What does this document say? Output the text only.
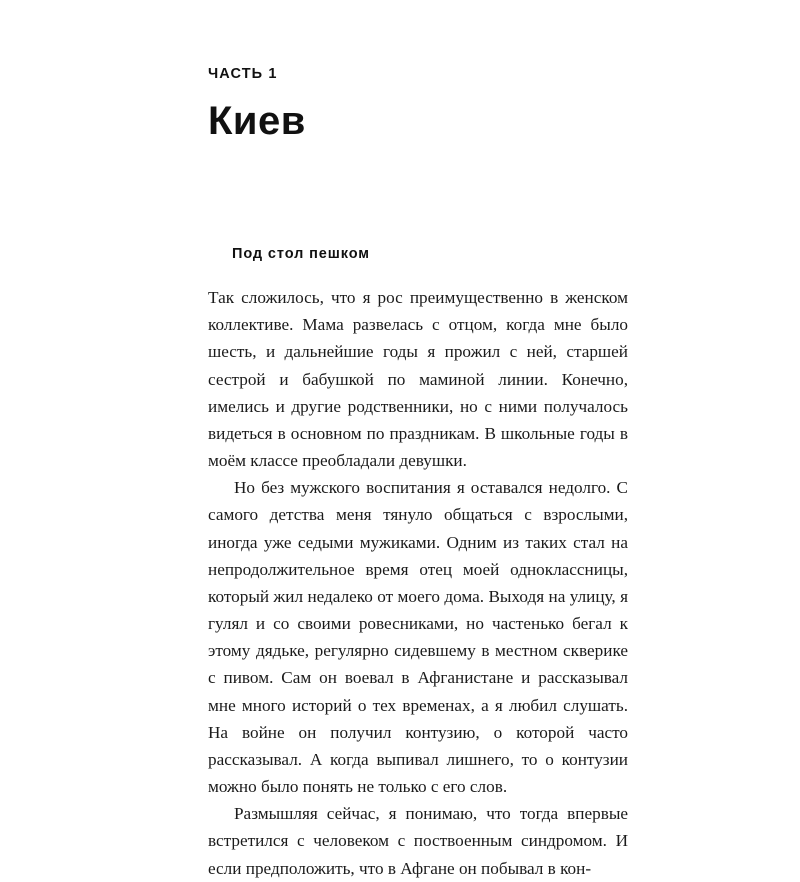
ЧАСТЬ 1
Киев
Под стол пешком

Так сложилось, что я рос преимущественно в женском коллективе. Мама развелась с отцом, когда мне было шесть, и дальнейшие годы я прожил с ней, старшей сестрой и бабушкой по маминой линии. Конечно, имелись и другие родственники, но с ними получалось видеться в основном по праздникам. В школьные годы в моём классе преобладали девушки.

Но без мужского воспитания я оставался недолго. С самого детства меня тянуло общаться с взрослыми, иногда уже седыми мужиками. Одним из таких стал на непродолжительное время отец моей одноклассницы, который жил недалеко от моего дома. Выходя на улицу, я гулял и со своими ровесниками, но частенько бегал к этому дядьке, регулярно сидевшему в местном скверике с пивом. Сам он воевал в Афганистане и рассказывал мне много историй о тех временах, а я любил слушать. На войне он получил контузию, о которой часто рассказывал. А когда выпивал лишнего, то о контузии можно было понять не только с его слов.

Размышляя сейчас, я понимаю, что тогда впервые встретился с человеком с поствоенным синдромом. И если предположить, что в Афгане он побывал в кон-
